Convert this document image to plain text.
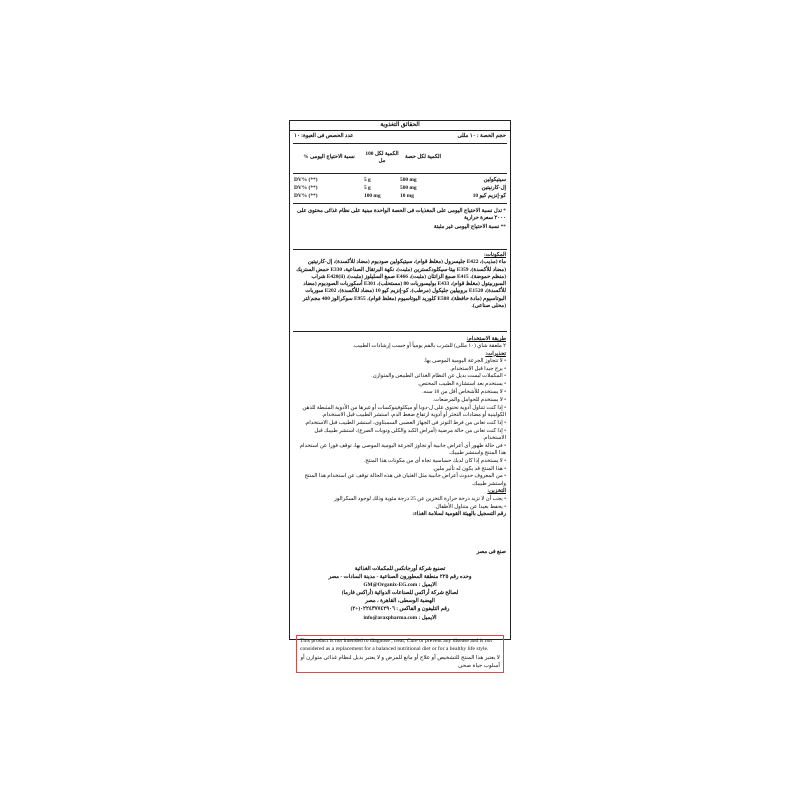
الحقائق التغذوية
حجم الحصة : ١٠ مللى
عدد الحصص فى العبوة: ١٠
الكمية لكل حصة
الكمية لكل 100 مل
نسبة الاحتياج اليومى %
سيتيكولين
500 mg
5 g
DV% (**)
إل-كارنيتين
500 mg
5 g
DV% (**)
كو-إنزيم كيو 10
10 mg
100 mg
DV% (**)
* تدل نسبة الاحتياج اليومى على المغذيات فى الحصة الواحدة مبنية على نظام غذائى محتوى على ٢٠٠٠ سعرة حرارية
** نسبة الاحتياج اليومى غير مثبتة
المكونات:
ماء (مذيب)، E422 جليسرول (مغلظ قوام)، سيتيكولين صوديوم (مضاد للأكسدة)، إل-كارنيتين (مضاد للأكسدة)، E359 بيتا-سيكلودكسترين (مثبت)، نكهة البرتقال الصناعية، E330 حمض الستريك (منظم حموضة)، E415 صمغ الزانثان (مثبت)، E466 صمغ السليلوز (مثبت)، E420(ii) شراب السوربيتول (مغلظ قوام)، E433 بوليسوربات 80 (مستحلب)، E301 أسكوربات الصوديوم (مضاد للأكسدة)، E1520 بروبيلين جليكول (مرطب)، كو-إنزيم كيو 10 (مضاد للأكسدة)، E202 سوربات البوتاسيوم (مادة حافظة)، E508 كلوريد البوتاسيوم (مغلظ قوام)، E955 سوكرالوز 400 مجم/لتر (محلى صناعى).
طريقة الاستخدام:
٢ ملعقة شاي (١٠ مللى) للشرب بالفم يومياً أو حسب إرشادات الطبيب.
تحذيرات:
• لا تتجاوز الجرعة اليومية الموصى بها.
• يرج جيدا قبل الاستخدام.
• المكملات ليست بديل عن النظام الغذائى الطبيعى والمتوازن.
• يستخدم بعد استشارة الطبيب المختص.
• لا يستخدم للأشخاص أقل من 18 سنه.
• لا يستخدم للحوامل والمرضعات.
• إذا كنت تتناول أدوية تحتوى على ل-دوبا أو ميكلوفينوكسات أو غيرها من الأدوية المثبطة للذهن الكولينية أو مضادات التخثر أو أدوية ارتفاع ضغط الدم، استشر الطبيب قبل الاستخدام.
• إذا كنت تعانى من فرط التوتر فى الجهاز العصبى السمبثاوى، استشر الطبيب قبل الاستخدام.
• إذا كنت تعانى من حالة مرضية (أمراض الكبد والكلى ونوبات الصرع)، استشر طبيبك قبل الاستخدام.
• فى حالة ظهور أى أعراض جانبية أو تجاوز الجرعة اليومية الموصى بها، توقف فورا عن استخدام هذا المنتج واستشر طبيبك.
• لا يستخدم إذا كان لديك حساسية تجاه أى من مكونات هذا المنتج.
• هذا المنتج قد يكون له تأثير ملين.
• من المعروف حدوث أعراض جانبية مثل الغثيان فى هذه الحالة توقف عن استخدام هذا المنتج واستشر طبيبك.
التخزين:
• يجب أن لا تزيد درجة حرارة التخزين عن 25 درجة مئوية وذلك لوجود السكرالوز
• يحفظ بعيدا عن متناول الأطفال.
رقم التسجيل بالهيئة القومية لسلامة الغذاء:
صنع فى مصر
تصنيع شركة أورجانكس للمكملات الغذائية
وحده رقم ٢٢٥ منطقة المطورون الصناعية - مدينة السادات - مصر
الايميل : GM@Organix-EG.com
لصالح شركة أراكس للصناعات الدوائية (أراكس فارما)
الهضبة الوسطى، القاهرة ، مصر
رقم التليفون و الفاكس : ٠٢٢٤٣٧٧٤٢٩٠٦(+٢)
الايميل : info@araxpharma.com
This product is not intended to diagnose , treat, Cure or prevent any disease and is not considered as a replacement for a balanced nutritional diet or for a healthy life style.
لا يعتبر هذا المنتج للتشخيص أو علاج أو مانع للمرض و لا يعتبر بديل لنظام غذائى متوازن أو أسلوب حياة صحى
